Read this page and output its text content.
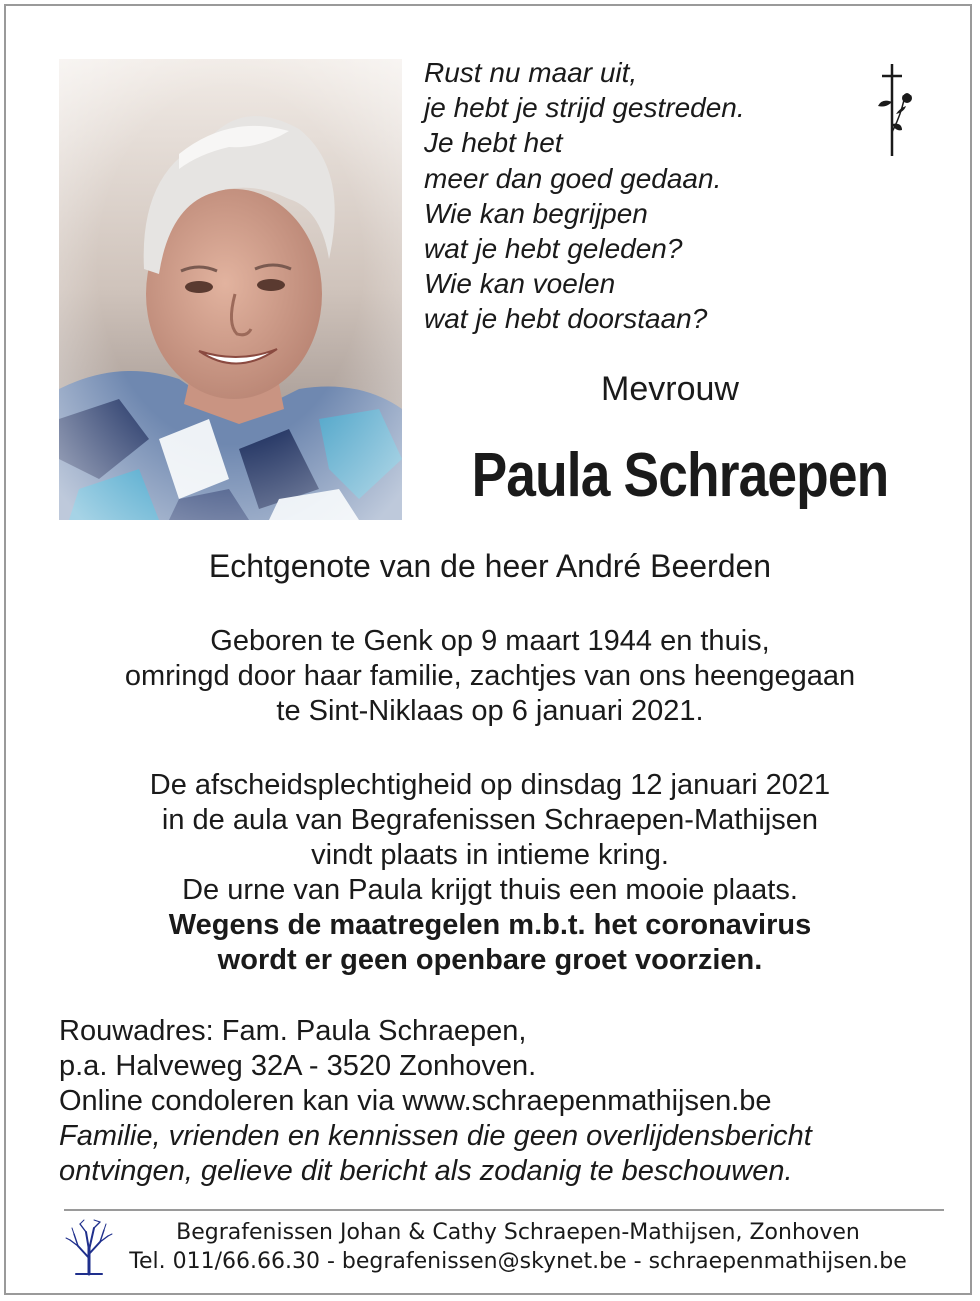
Rust nu maar uit,
je hebt je strijd gestreden.
Je hebt het
meer dan goed gedaan.
Wie kan begrijpen
wat je hebt geleden?
Wie kan voelen
wat je hebt doorstaan?
Mevrouw
Paula Schraepen
Echtgenote van de heer André Beerden
Geboren te Genk op 9 maart 1944 en thuis,
omringd door haar familie, zachtjes van ons heengegaan
te Sint-Niklaas op 6 januari 2021.
De afscheidsplechtigheid op dinsdag 12 januari 2021
in de aula van Begrafenissen Schraepen-Mathijsen
vindt plaats in intieme kring.
De urne van Paula krijgt thuis een mooie plaats.
Wegens de maatregelen m.b.t. het coronavirus
wordt er geen openbare groet voorzien.
Rouwadres: Fam. Paula Schraepen,
p.a. Halveweg 32A - 3520 Zonhoven.
Online condoleren kan via www.schraepenmathijsen.be
Familie, vrienden en kennissen die geen overlijdensbericht
ontvingen, gelieve dit bericht als zodanig te beschouwen.
Begrafenissen Johan & Cathy Schraepen-Mathijsen, Zonhoven
Tel. 011/66.66.30 - begrafenissen@skynet.be - schraepenmathijsen.be
